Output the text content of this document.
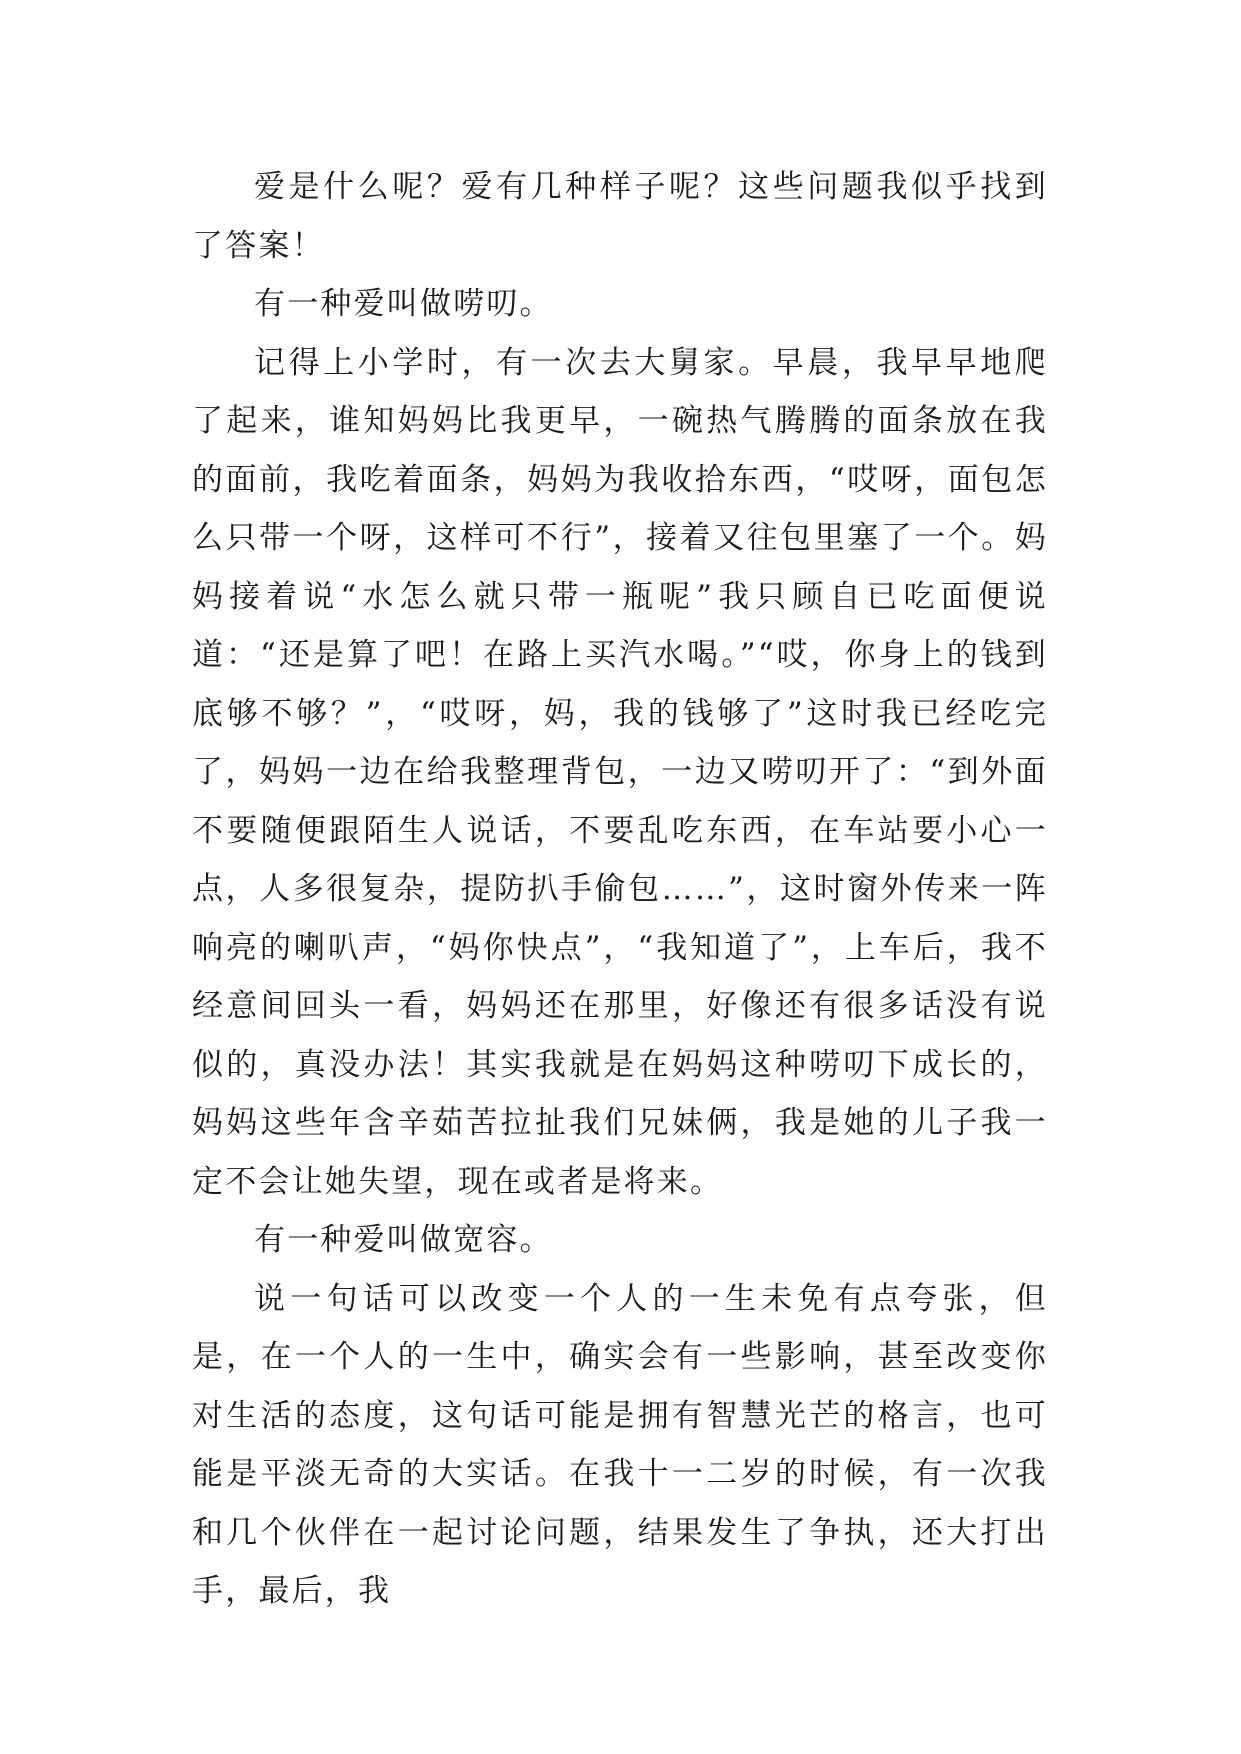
爱是什么呢？爱有几种样子呢？这些问题我似乎找到了答案！

有一种爱叫做唠叨。

记得上小学时，有一次去大舅家。早晨，我早早地爬了起来，谁知妈妈比我更早，一碗热气腾腾的面条放在我的面前，我吃着面条，妈妈为我收拾东西，“哎呀，面包怎么只带一个呀，这样可不行”，接着又往包里塞了一个。妈妈接着说“水怎么就只带一瓶呢”我只顾自已吃面便说道：“还是算了吧！在路上买汽水喝。”“哎，你身上的钱到底够不够？”，“哎呀，妈，我的钱够了”这时我已经吃完了，妈妈一边在给我整理背包，一边又唠叨开了：“到外面不要随便跟陌生人说话，不要乱吃东西，在车站要小心一点，人多很复杂，提防扒手偷包……”，这时窗外传来一阵响亮的喇叭声，“妈你快点”，“我知道了”，上车后，我不经意间回头一看，妈妈还在那里，好像还有很多话没有说似的，真没办法！其实我就是在妈妈这种唠叨下成长的，妈妈这些年含辛茹苦拉扯我们兄妹俩，我是她的儿子我一定不会让她失望，现在或者是将来。

有一种爱叫做宽容。

说一句话可以改变一个人的一生未免有点夸张，但是，在一个人的一生中，确实会有一些影响，甚至改变你对生活的态度，这句话可能是拥有智慧光芒的格言，也可能是平淡无奇的大实话。在我十一二岁的时候，有一次我和几个伙伴在一起讨论问题，结果发生了争执，还大打出手，最后，我
